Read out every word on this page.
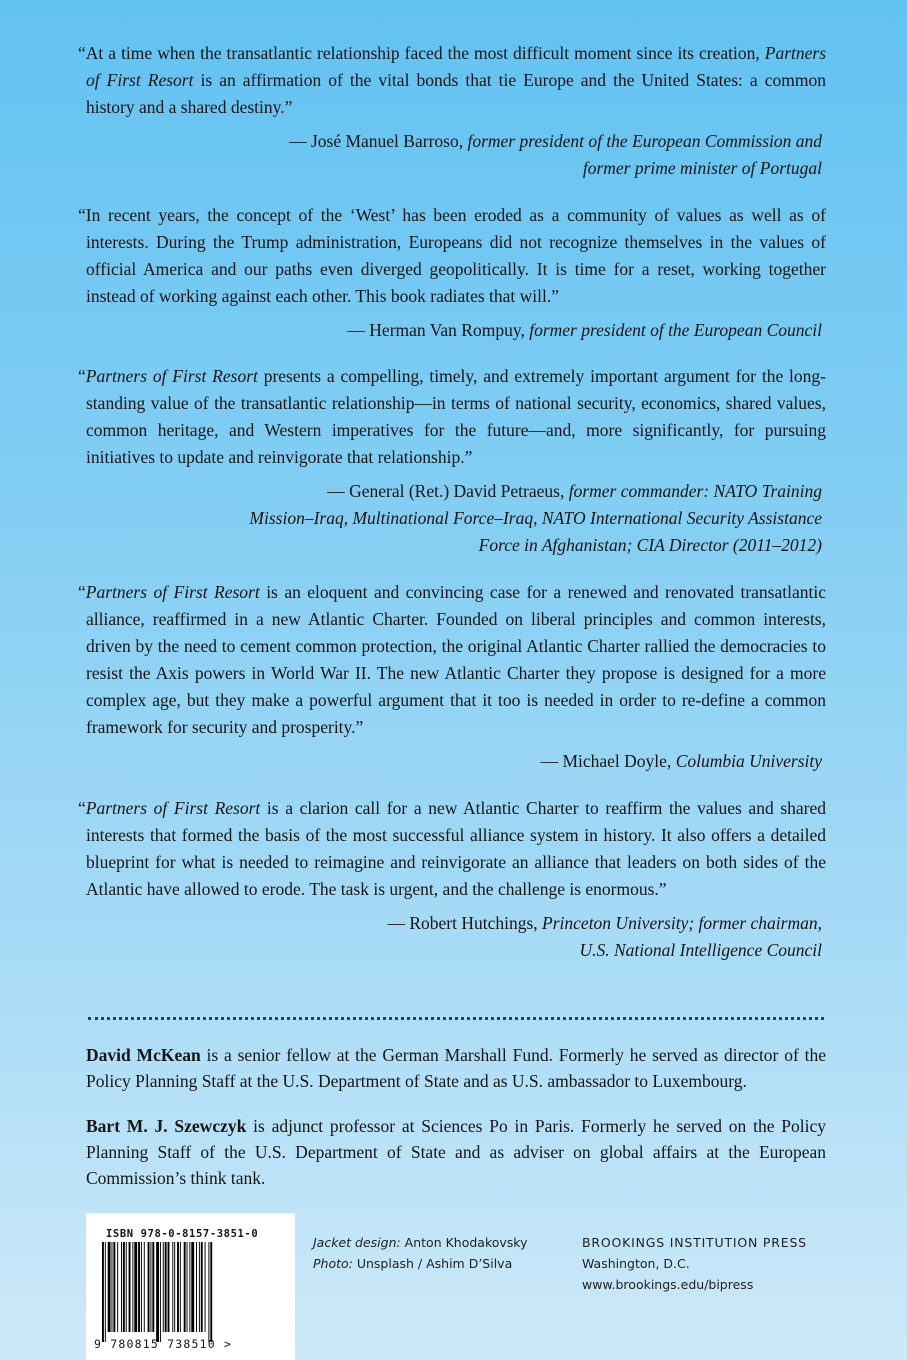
“At a time when the transatlantic relationship faced the most difficult moment since its creation, Partners of First Resort is an affirmation of the vital bonds that tie Europe and the United States: a common history and a shared destiny.”

— José Manuel Barroso, former president of the European Commission and
former prime minister of Portugal

“In recent years, the concept of the ‘West’ has been eroded as a community of values as well as of interests. During the Trump administration, Europeans did not recognize themselves in the values of official America and our paths even diverged geopolitically. It is time for a reset, working together instead of working against each other. This book radiates that will.”

— Herman Van Rompuy, former president of the European Council

“Partners of First Resort presents a compelling, timely, and extremely important argument for the long-standing value of the transatlantic relationship—in terms of national security, economics, shared values, common heritage, and Western imperatives for the future—and, more significantly, for pursuing initiatives to update and reinvigorate that relationship.”

— General (Ret.) David Petraeus, former commander: NATO Training
Mission–Iraq, Multinational Force–Iraq, NATO International Security Assistance
Force in Afghanistan; CIA Director (2011–2012)

“Partners of First Resort is an eloquent and convincing case for a renewed and renovated transatlantic alliance, reaffirmed in a new Atlantic Charter. Founded on liberal principles and common interests, driven by the need to cement common protection, the original Atlantic Charter rallied the democracies to resist the Axis powers in World War II. The new Atlantic Charter they propose is designed for a more complex age, but they make a powerful argument that it too is needed in order to re-define a common framework for security and prosperity.”

— Michael Doyle, Columbia University

“Partners of First Resort is a clarion call for a new Atlantic Charter to reaffirm the values and shared interests that formed the basis of the most successful alliance system in history. It also offers a detailed blueprint for what is needed to reimagine and reinvigorate an alliance that leaders on both sides of the Atlantic have allowed to erode. The task is urgent, and the challenge is enormous.”

— Robert Hutchings, Princeton University; former chairman,
U.S. National Intelligence Council

David McKean is a senior fellow at the German Marshall Fund. Formerly he served as director of the Policy Planning Staff at the U.S. Department of State and as U.S. ambassador to Luxembourg.

Bart M. J. Szewczyk is adjunct professor at Sciences Po in Paris. Formerly he served on the Policy Planning Staff of the U.S. Department of State and as adviser on global affairs at the European Commission’s think tank.

ISBN 978-0-8157-3851-0
9 780815 738510 >
Jacket design: Anton Khodakovsky
Photo: Unsplash / Ashim D’Silva
BROOKINGS INSTITUTION PRESS
Washington, D.C.
www.brookings.edu/bipress
